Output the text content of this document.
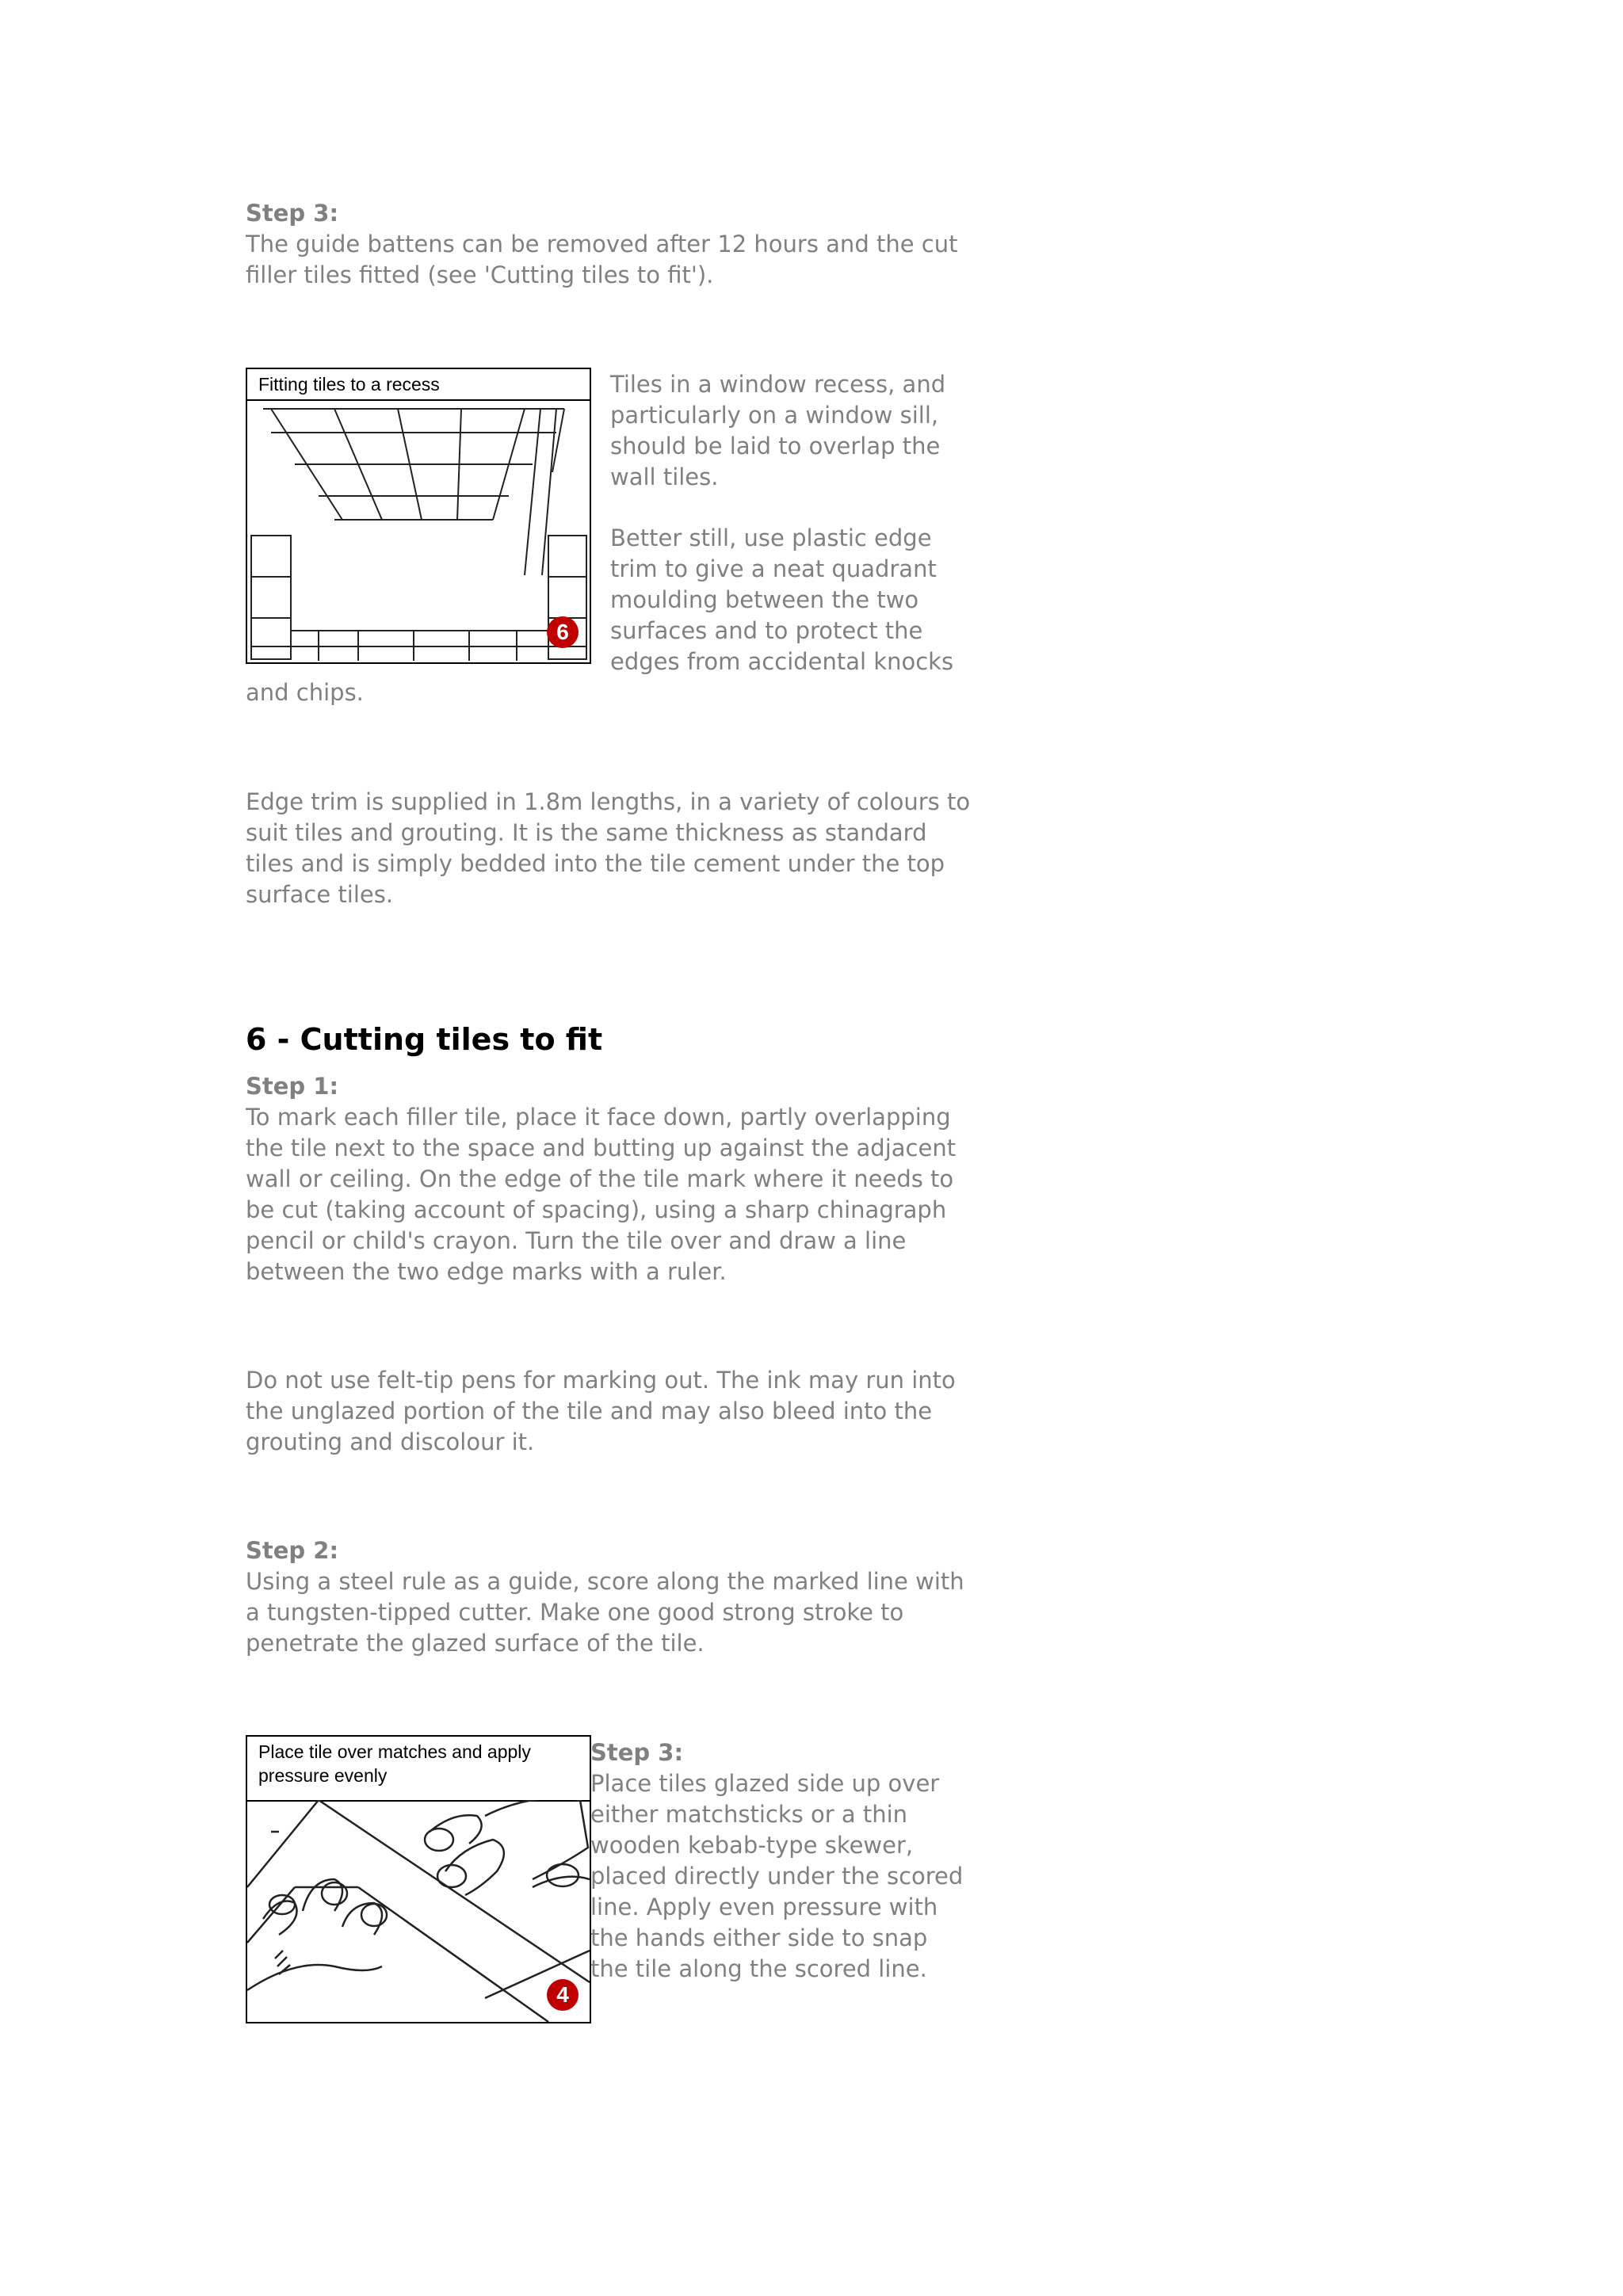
Step 3:
The guide battens can be removed after 12 hours and the cut filler tiles fitted (see 'Cutting tiles to fit').

Fitting tiles to a recess
6

Tiles in a window recess, and particularly on a window sill, should be laid to overlap the wall tiles.

Better still, use plastic edge trim to give a neat quadrant moulding between the two surfaces and to protect the edges from accidental knocks

and chips.

Edge trim is supplied in 1.8m lengths, in a variety of colours to suit tiles and grouting. It is the same thickness as standard tiles and is simply bedded into the tile cement under the top surface tiles.

6 - Cutting tiles to fit

Step 1:
To mark each filler tile, place it face down, partly overlapping the tile next to the space and butting up against the adjacent wall or ceiling. On the edge of the tile mark where it needs to be cut (taking account of spacing), using a sharp chinagraph pencil or child's crayon. Turn the tile over and draw a line between the two edge marks with a ruler.

Do not use felt-tip pens for marking out. The ink may run into the unglazed portion of the tile and may also bleed into the grouting and discolour it.

Step 2:
Using a steel rule as a guide, score along the marked line with a tungsten-tipped cutter. Make one good strong stroke to penetrate the glazed surface of the tile.

Place tile over matches and apply pressure evenly
4

Step 3:
Place tiles glazed side up over either matchsticks or a thin wooden kebab-type skewer, placed directly under the scored line. Apply even pressure with the hands either side to snap the tile along the scored line.
